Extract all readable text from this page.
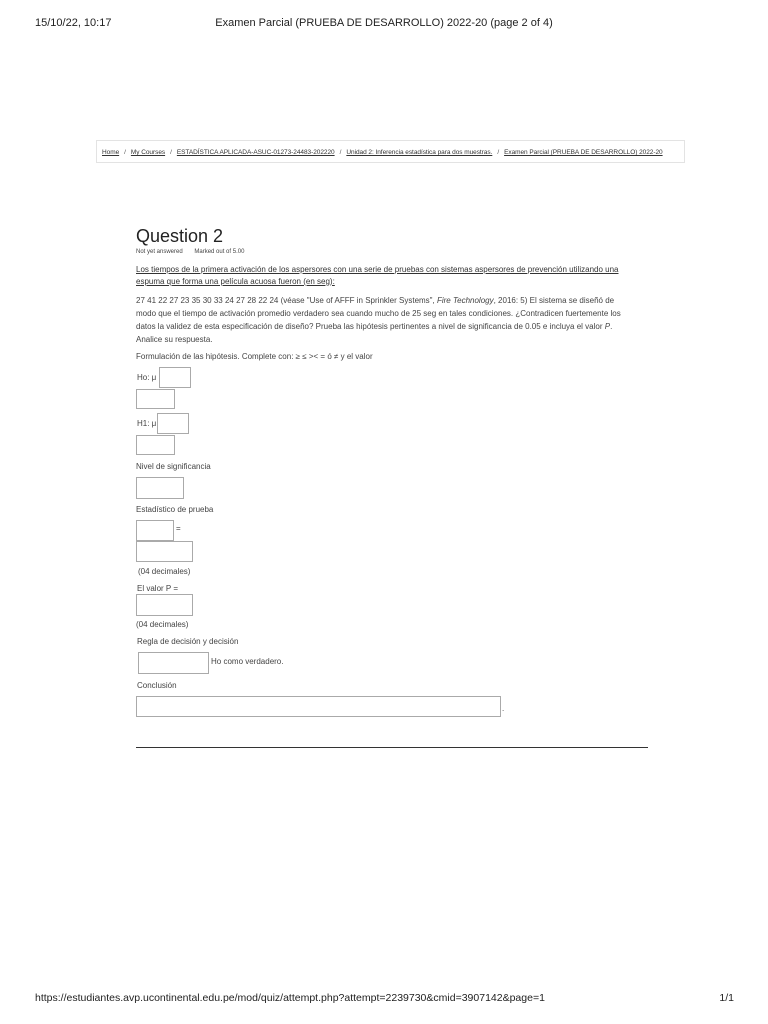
15/10/22, 10:17	Examen Parcial (PRUEBA DE DESARROLLO) 2022-20 (page 2 of 4)
Home / My Courses / ESTADÍSTICA APLICADA-ASUC-01273-24483-202220 / Unidad 2: Inferencia estadística para dos muestras. / Examen Parcial (PRUEBA DE DESARROLLO) 2022-20
Question 2
Not yet answered Marked out of 5.00
Los tiempos de la primera activación de los aspersores con una serie de pruebas con sistemas aspersores de prevención utilizando una espuma que forma una película acuosa fueron (en seg):
27 41 22 27 23 35 30 33 24 27 28 22 24 (véase "Use of AFFF in Sprinkler Systems", Fire Technology, 2016: 5) El sistema se diseñó de modo que el tiempo de activación promedio verdadero sea cuando mucho de 25 seg en tales condiciones. ¿Contradicen fuertemente los datos la validez de esta especificación de diseño? Prueba las hipótesis pertinentes a nivel de significancia de 0.05 e incluya el valor P. Analice su respuesta.
Formulación de las hipótesis. Complete con: ≥ ≤ >< = ó ≠ y el valor
Ho: μ
H1: μ
Nivel de significancia
Estadístico de prueba
=
(04 decimales)
El valor P =
(04 decimales)
Regla de decisión y decisión
Ho como verdadero.
Conclusión
.
https://estudiantes.avp.ucontinental.edu.pe/mod/quiz/attempt.php?attempt=2239730&cmid=3907142&page=1	1/1
